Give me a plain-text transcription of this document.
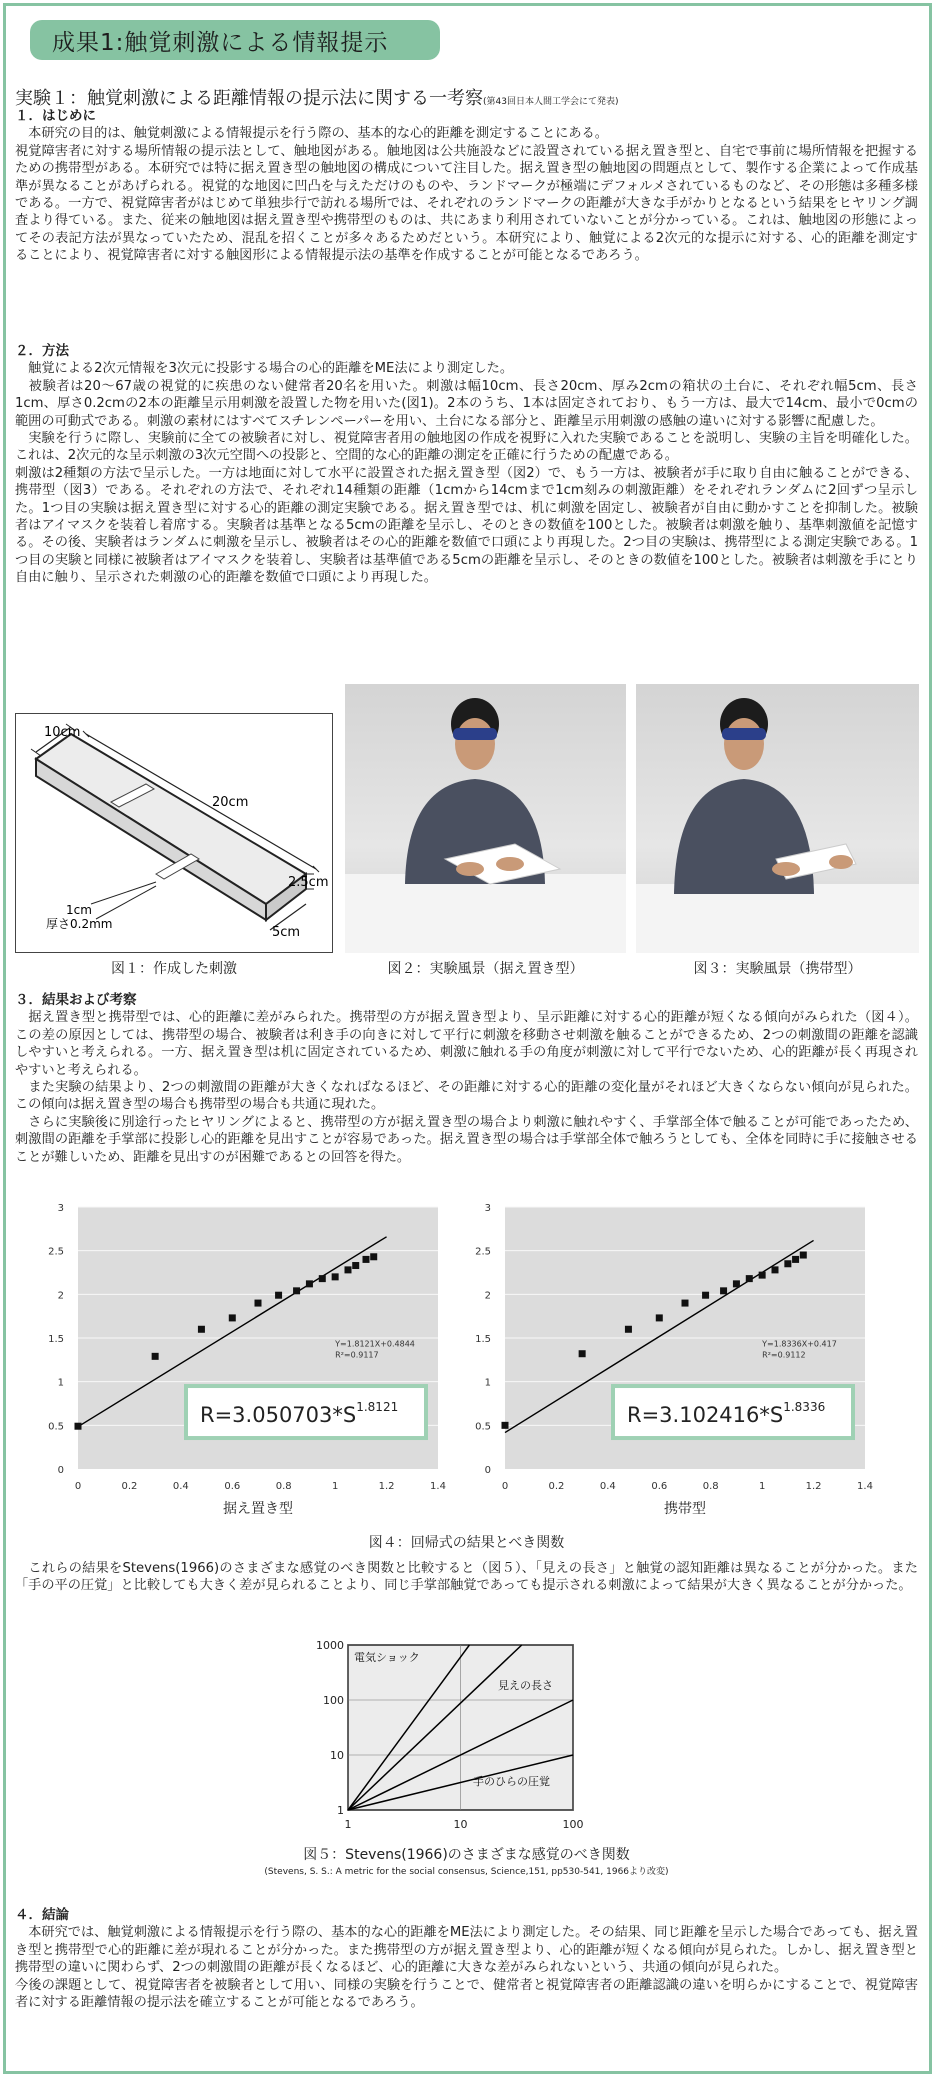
成果1:触覚刺激による情報提示
実験１：触覚刺激による距離情報の提示法に関する一考察(第43回日本人間工学会にて発表)
１．はじめに

　本研究の目的は、触覚刺激による情報提示を行う際の、基本的な心的距離を測定することにある。
視覚障害者に対する場所情報の提示法として、触地図がある。触地図は公共施設などに設置されている据え置き型と、自宅で事前に場所情報を把握するための携帯型がある。本研究では特に据え置き型の触地図の構成について注目した。据え置き型の触地図の問題点として、製作する企業によって作成基準が異なることがあげられる。視覚的な地図に凹凸を与えただけのものや、ランドマークが極端にデフォルメされているものなど、その形態は多種多様である。一方で、視覚障害者がはじめて単独歩行で訪れる場所では、それぞれのランドマークの距離が大きな手がかりとなるという結果をヒヤリング調査より得ている。また、従来の触地図は据え置き型や携帯型のものは、共にあまり利用されていないことが分かっている。これは、触地図の形態によってその表記方法が異なっていたため、混乱を招くことが多々あるためだという。本研究により、触覚による2次元的な提示に対する、心的距離を測定することにより、視覚障害者に対する触図形による情報提示法の基準を作成することが可能となるであろう。

２．方法

　触覚による2次元情報を3次元に投影する場合の心的距離をME法により測定した。
　被験者は20～67歳の視覚的に疾患のない健常者20名を用いた。刺激は幅10cm、長さ20cm、厚み2cmの箱状の土台に、それぞれ幅5cm、長さ1cm、厚さ0.2cmの2本の距離呈示用刺激を設置した物を用いた(図1)。2本のうち、1本は固定されており、もう一方は、最大で14cm、最小で0cmの範囲の可動式である。刺激の素材にはすべてスチレンペーパーを用い、土台になる部分と、距離呈示用刺激の感触の違いに対する影響に配慮した。
　実験を行うに際し、実験前に全ての被験者に対し、視覚障害者用の触地図の作成を視野に入れた実験であることを説明し、実験の主旨を明確化した。これは、2次元的な呈示刺激の3次元空間への投影と、空間的な心的距離の測定を正確に行うための配慮である。
刺激は2種類の方法で呈示した。一方は地面に対して水平に設置された据え置き型（図2）で、もう一方は、被験者が手に取り自由に触ることができる、携帯型（図3）である。それぞれの方法で、それぞれ14種類の距離（1cmから14cmまで1cm刻みの刺激距離）をそれぞれランダムに2回ずつ呈示した。1つ目の実験は据え置き型に対する心的距離の測定実験である。据え置き型では、机に刺激を固定し、被験者が自由に動かすことを抑制した。被験者はアイマスクを装着し着席する。実験者は基準となる5cmの距離を呈示し、そのときの数値を100とした。被験者は刺激を触り、基準刺激値を記憶する。その後、実験者はランダムに刺激を呈示し、被験者はその心的距離を数値で口頭により再現した。2つ目の実験は、携帯型による測定実験である。1つ目の実験と同様に被験者はアイマスクを装着し、実験者は基準値である5cmの距離を呈示し、そのときの数値を100とした。被験者は刺激を手にとり自由に触り、呈示された刺激の心的距離を数値で口頭により再現した。

10cm
20cm
2.5cm
1cm
5cm
厚さ0.2mm
図１：作成した刺激	図２：実験風景（据え置き型）	図３：実験風景（携帯型）
３．結果および考察

　据え置き型と携帯型では、心的距離に差がみられた。携帯型の方が据え置き型より、呈示距離に対する心的距離が短くなる傾向がみられた（図４）。この差の原因としては、携帯型の場合、被験者は利き手の向きに対して平行に刺激を移動させ刺激を触ることができるため、2つの刺激間の距離を認識しやすいと考えられる。一方、据え置き型は机に固定されているため、刺激に触れる手の角度が刺激に対して平行でないため、心的距離が長く再現されやすいと考えられる。
　また実験の結果より、2つの刺激間の距離が大きくなればなるほど、その距離に対する心的距離の変化量がそれほど大きくならない傾向が見られた。この傾向は据え置き型の場合も携帯型の場合も共通に現れた。
　さらに実験後に別途行ったヒヤリングによると、携帯型の方が据え置き型の場合より刺激に触れやすく、手掌部全体で触ることが可能であったため、刺激間の距離を手掌部に投影し心的距離を見出すことが容易であった。据え置き型の場合は手掌部全体で触ろうとしても、全体を同時に手に接触させることが難しいため、距離を見出すのが困難であるとの回答を得た。

0
0.5
1
1.5
2
2.5
3
0	0.2	0.4	0.6	0.8	1	1.2	1.4
Y=1.8121X+0.4844
R²=0.9117
$R=3.050703*S^{1.8121}$
据え置き型
0
0.5
1
1.5
2
2.5
3
0	0.2	0.4	0.6	0.8	1	1.2	1.4
Y=1.8336X+0.417
R²=0.9112
$R=3.102416*S^{1.8336}$
携帯型
図４：回帰式の結果とべき関数

　これらの結果をStevens(1966)のさまざまな感覚のべき関数と比較すると（図５）、「見えの長さ」と触覚の認知距離は異なることが分かった。また「手の平の圧覚」と比較しても大きく差が見られることより、同じ手掌部触覚であっても提示される刺激によって結果が大きく異なることが分かった。

1
10
100
1000
1	10	100
電気ショック
見えの長さ
手のひらの圧覚
図５：Stevens(1966)のさまざまな感覚のべき関数
(Stevens, S. S.: A metric for the social consensus, Science,151, pp530-541, 1966より改変)
４．結論

　本研究では、触覚刺激による情報提示を行う際の、基本的な心的距離をME法により測定した。その結果、同じ距離を呈示した場合であっても、据え置き型と携帯型で心的距離に差が現れることが分かった。また携帯型の方が据え置き型より、心的距離が短くなる傾向が見られた。しかし、据え置き型と携帯型の違いに関わらず、2つの刺激間の距離が長くなるほど、心的距離に大きな差がみられないという、共通の傾向が見られた。
今後の課題として、視覚障害者を被験者として用い、同様の実験を行うことで、健常者と視覚障害者の距離認識の違いを明らかにすることで、視覚障害者に対する距離情報の提示法を確立することが可能となるであろう。
